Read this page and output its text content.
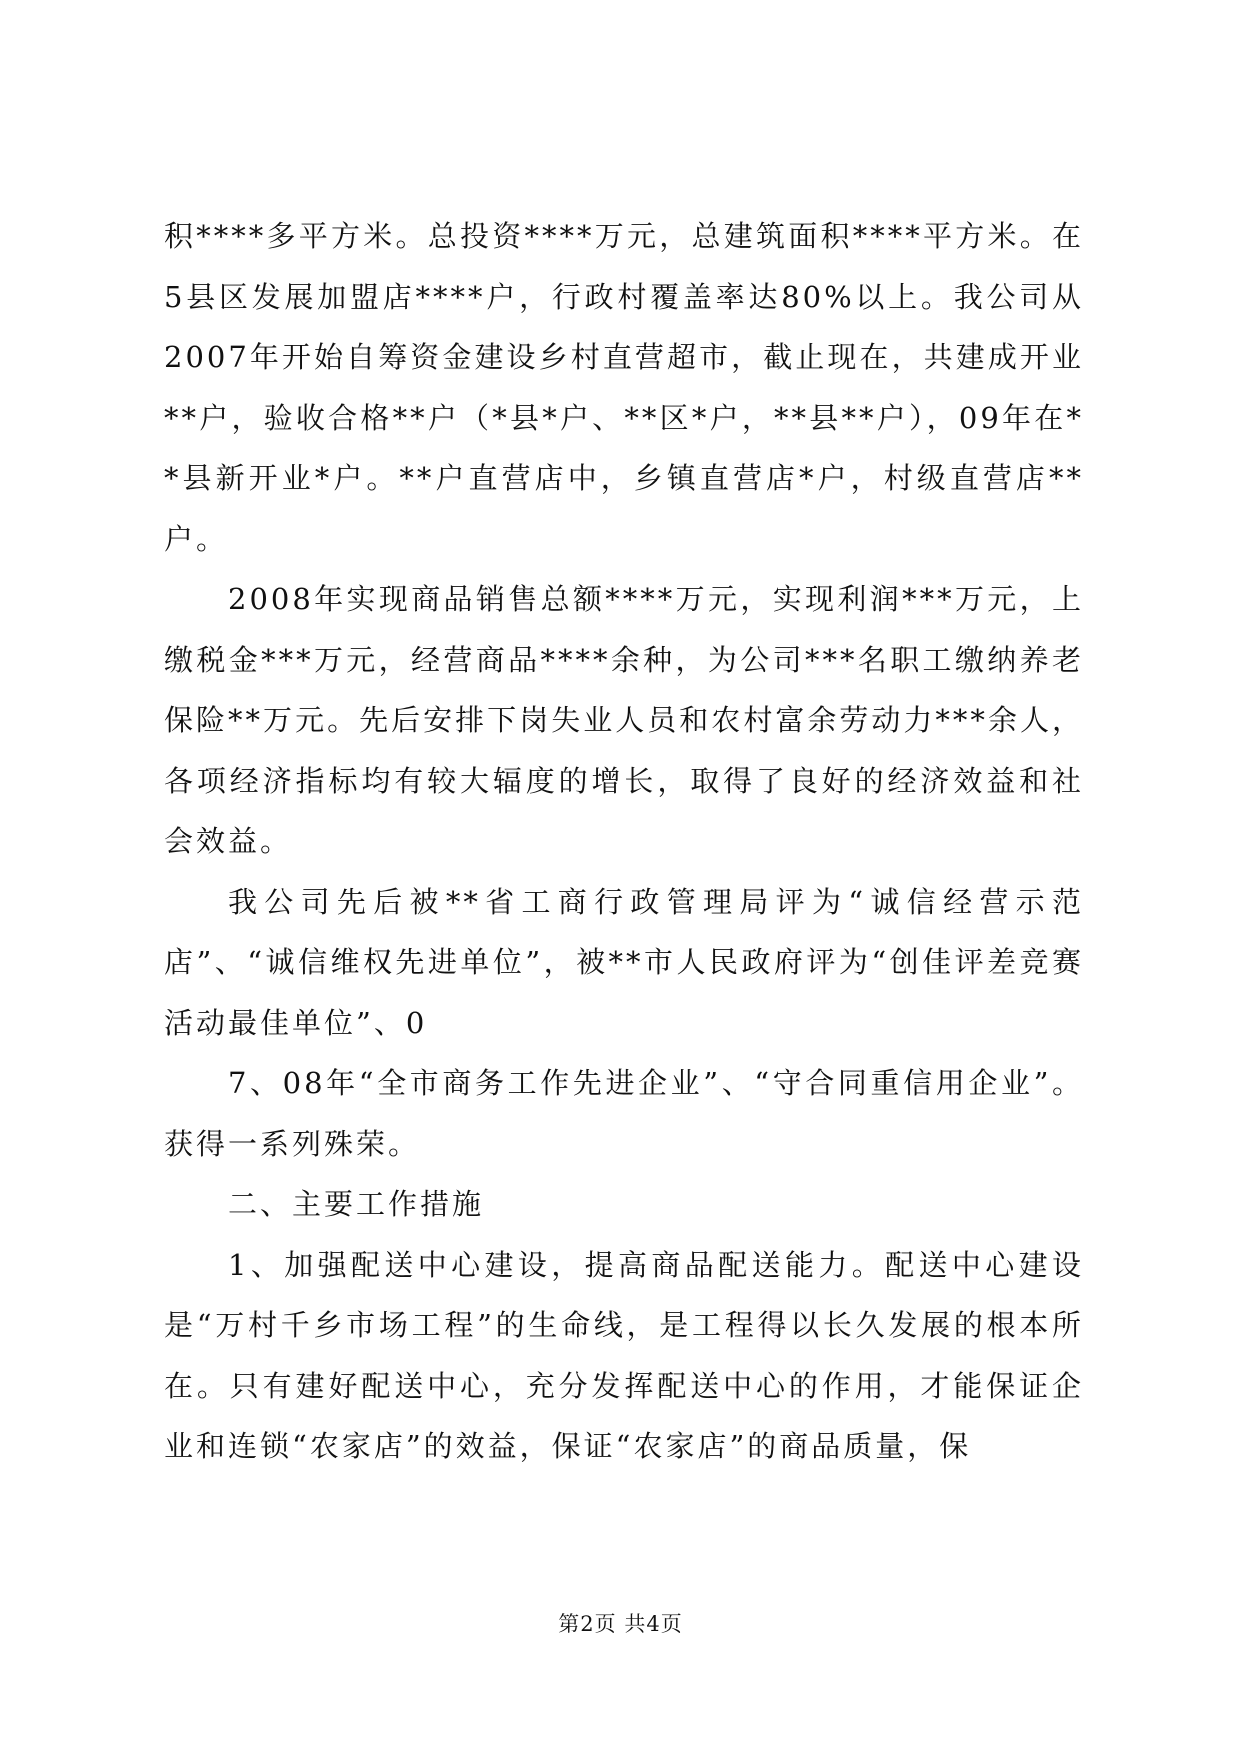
积****多平方米。总投资****万元，总建筑面积****平方米。在5县区发展加盟店****户，行政村覆盖率达80%以上。我公司从2007年开始自筹资金建设乡村直营超市，截止现在，共建成开业**户，验收合格**户（*县*户、**区*户，**县**户），09年在**县新开业*户。**户直营店中，乡镇直营店*户，村级直营店**户。

2008年实现商品销售总额****万元，实现利润***万元，上缴税金***万元，经营商品****余种，为公司***名职工缴纳养老保险**万元。先后安排下岗失业人员和农村富余劳动力***余人，各项经济指标均有较大辐度的增长，取得了良好的经济效益和社会效益。

我公司先后被**省工商行政管理局评为“诚信经营示范店”、“诚信维权先进单位”，被**市人民政府评为“创佳评差竞赛活动最佳单位”、0

7、08年“全市商务工作先进企业”、“守合同重信用企业”。获得一系列殊荣。

二、主要工作措施

1、加强配送中心建设，提高商品配送能力。配送中心建设是“万村千乡市场工程”的生命线，是工程得以长久发展的根本所在。只有建好配送中心，充分发挥配送中心的作用，才能保证企业和连锁“农家店”的效益，保证“农家店”的商品质量，保

第2页 共4页
